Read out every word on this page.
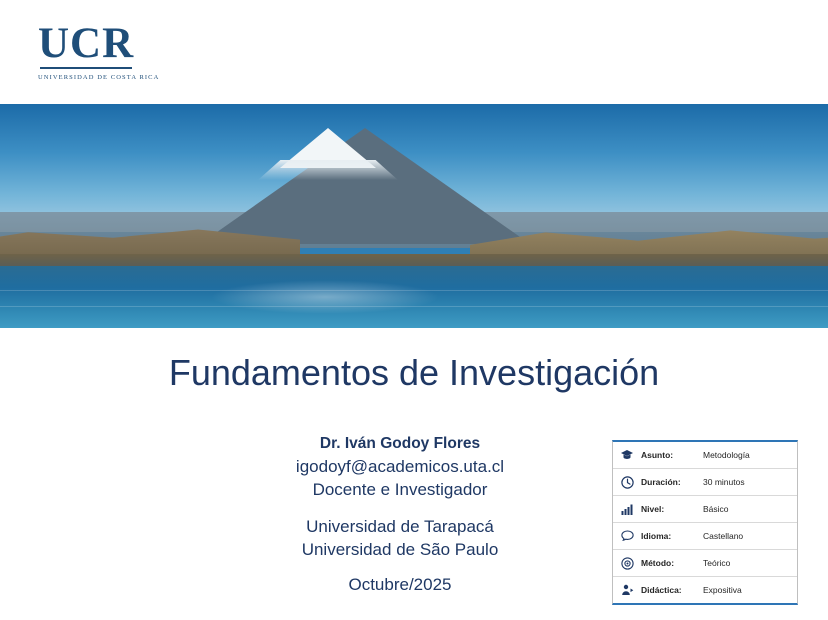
UCR
UNIVERSIDAD DE COSTA RICA
Fundamentos de Investigación
Dr. Iván Godoy Flores
igodoyf@academicos.uta.cl
Docente e Investigador
Universidad de Tarapacá
Universidad de São Paulo
Octubre/2025
Asunto:	Metodología
Duración:	30 minutos
Nivel:	Básico
Idioma:	Castellano
Método:	Teórico
Didáctica:	Expositiva
